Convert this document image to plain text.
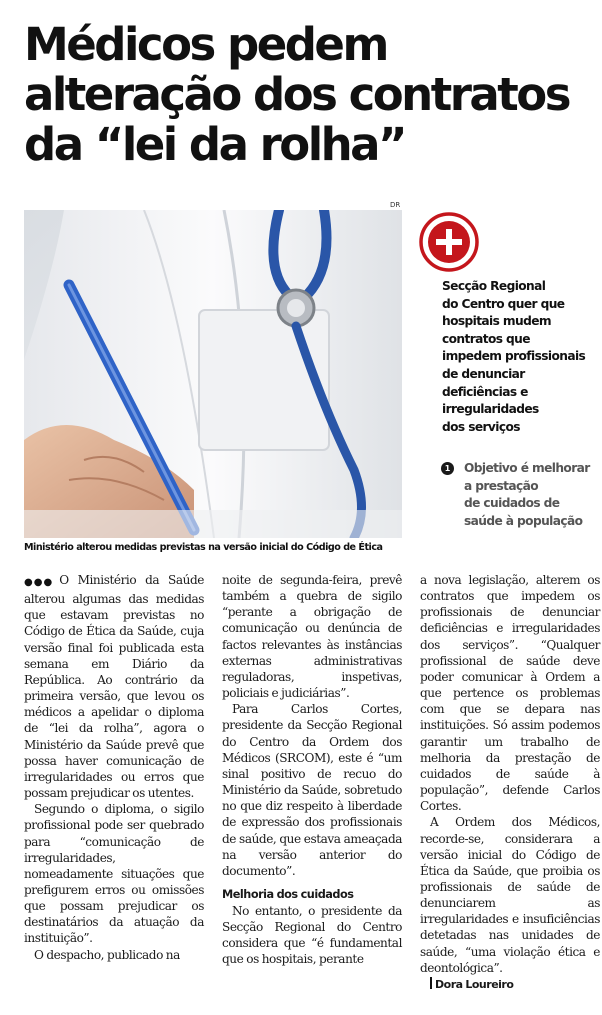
Médicos pedem
alteração dos contratos
da “lei da rolha”
DR
Ministério alterou medidas previstas na versão inicial do Código de Ética
Secção Regional
do Centro quer que
hospitais mudem
contratos que
impedem profissionais
de denunciar
deficiências e
irregularidades
dos serviços
1	Objetivo é melhorar
a prestação
de cuidados de
saúde à população

●●● O Ministério da Saúde alterou algumas das medidas que estavam previstas no Código de Ética da Saúde, cuja versão final foi publicada esta semana em Diário da República. Ao contrário da primeira versão, que levou os médicos a apelidar o diploma de “lei da rolha”, agora o Ministério da Saúde prevê que possa haver comunicação de irregularidades ou erros que possam prejudicar os utentes.

Segundo o diploma, o sigilo profissional pode ser quebrado para “comunicação de irregularidades, nomeadamente situações que prefigurem erros ou omissões que possam prejudicar os destinatários da atuação da instituição”.

O despacho, publicado na

noite de segunda-feira, prevê também a quebra de sigilo “perante a obrigação de comunicação ou denúncia de factos relevantes às instâncias externas administrativas reguladoras, inspetivas, policiais e judiciárias”.

Para Carlos Cortes, presidente da Secção Regional do Centro da Ordem dos Médicos (SRCOM), este é “um sinal positivo de recuo do Ministério da Saúde, sobretudo no que diz respeito à liberdade de expressão dos profissionais de saúde, que estava ameaçada na versão anterior do documento”.

Melhoria dos cuidados

No entanto, o presidente da Secção Regional do Centro considera que “é fundamental que os hospitais, perante

a nova legislação, alterem os contratos que impedem os profissionais de denunciar deficiências e irregularidades dos serviços”. “Qualquer profissional de saúde deve poder comunicar à Ordem a que pertence os problemas com que se depara nas instituições. Só assim podemos garantir um trabalho de melhoria da prestação de cuidados de saúde à população”, defende Carlos Cortes.

A Ordem dos Médicos, recorde-se, considerara a versão inicial do Código de Ética da Saúde, que proibia os profissionais de saúde de denunciarem as irregularidades e insuficiências detetadas nas unidades de saúde, “uma violação ética e deontológica”.

Dora Loureiro
